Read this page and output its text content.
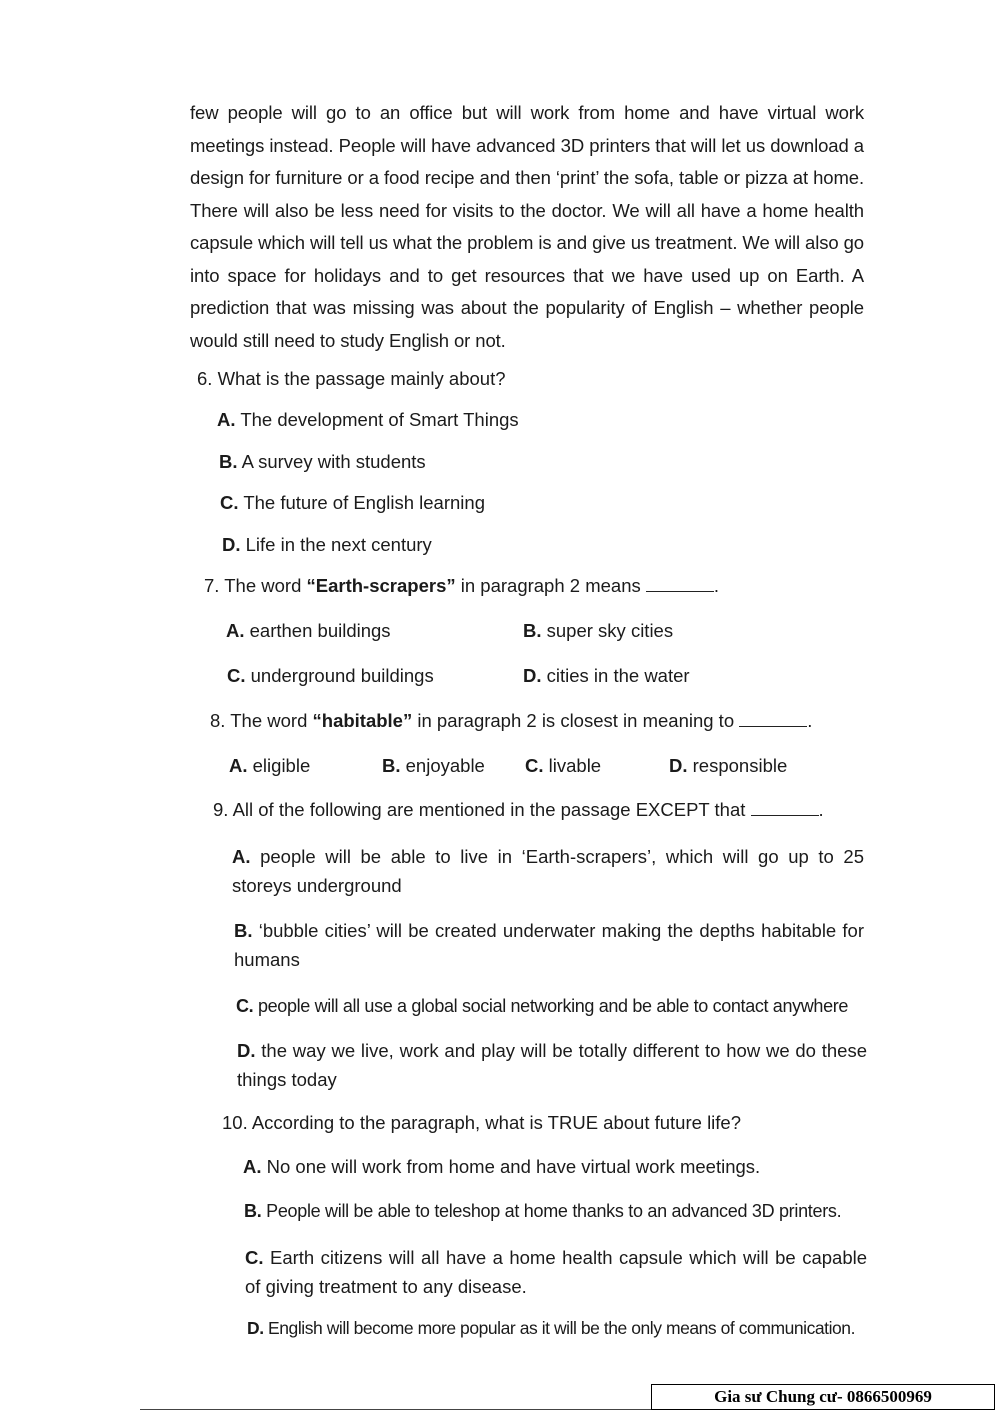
few people will go to an office but will work from home and have virtual work meetings instead. People will have advanced 3D printers that will let us download a design for furniture or a food recipe and then ‘print’ the sofa, table or pizza at home. There will also be less need for visits to the doctor. We will all have a home health capsule which will tell us what the problem is and give us treatment. We will also go into space for holidays and to get resources that we have used up on Earth. A prediction that was missing was about the popularity of English – whether people would still need to study English or not.

6. What is the passage mainly about?
A. The development of Smart Things
B. A survey with students
C. The future of English learning
D. Life in the next century
7. The word “Earth-scrapers” in paragraph 2 means	.
A. earthen buildings	B. super sky cities
C. underground buildings	D. cities in the water
8. The word “habitable” in paragraph 2 is closest in meaning to	.
A. eligible	B. enjoyable C. livable	D. responsible
9. All of the following are mentioned in the passage EXCEPT that	.
A. people will be able to live in ‘Earth-scrapers’, which will go up to 25 storeys underground
B. ‘bubble cities’ will be created underwater making the depths habitable for humans
C. people will all use a global social networking and be able to contact anywhere
D. the way we live, work and play will be totally different to how we do these things today
10. According to the paragraph, what is TRUE about future life?
A. No one will work from home and have virtual work meetings.
B. People will be able to teleshop at home thanks to an advanced 3D printers.
C. Earth citizens will all have a home health capsule which will be capable of giving treatment to any disease.
D. English will become more popular as it will be the only means of communication.
Gia sư Chung cư- 0866500969
